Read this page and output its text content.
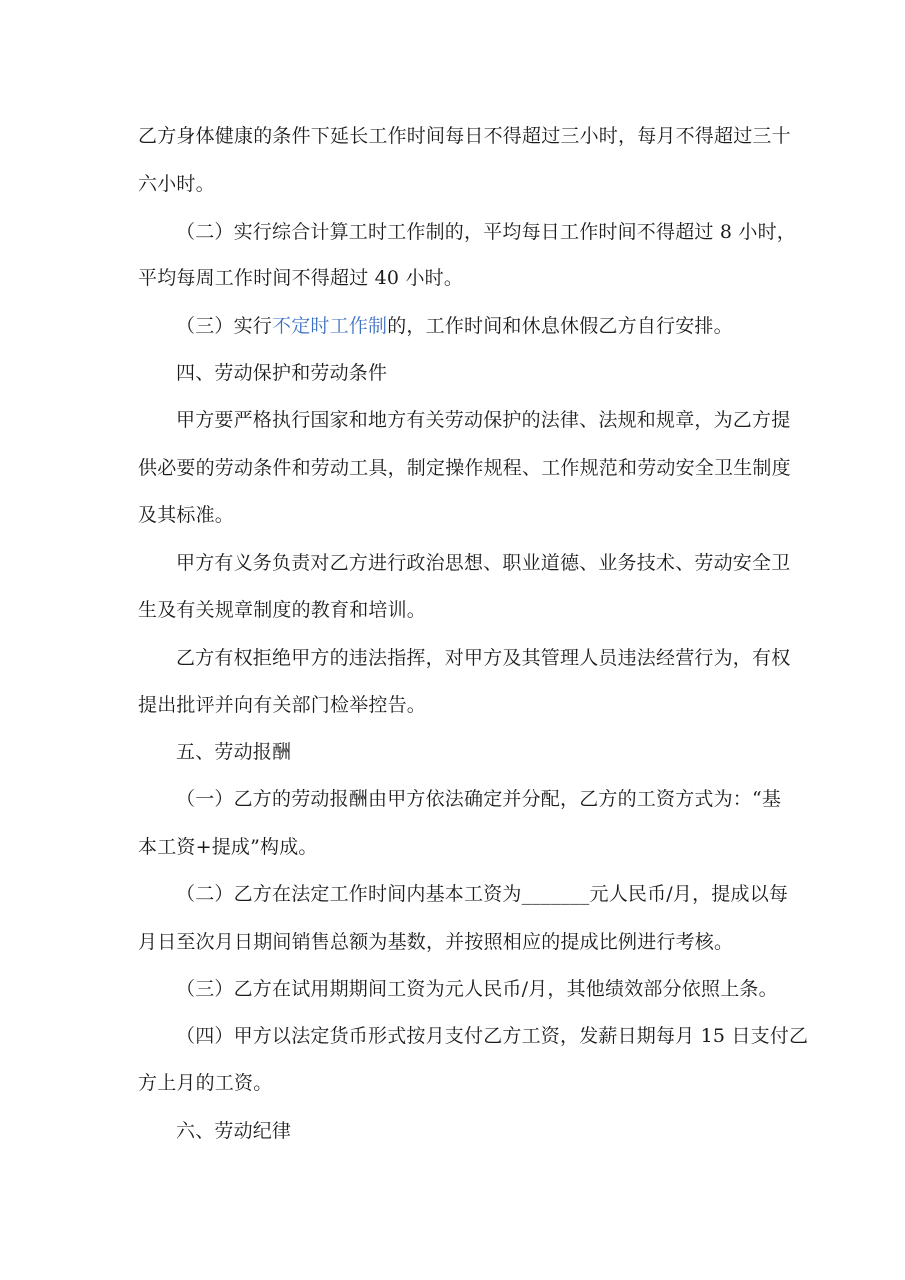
乙方身体健康的条件下延长工作时间每日不得超过三小时，每月不得超过三十
六小时。
（二）实行综合计算工时工作制的，平均每日工作时间不得超过 8 小时，
平均每周工作时间不得超过 40 小时。
（三）实行不定时工作制的，工作时间和休息休假乙方自行安排。
四、劳动保护和劳动条件
甲方要严格执行国家和地方有关劳动保护的法律、法规和规章，为乙方提
供必要的劳动条件和劳动工具，制定操作规程、工作规范和劳动安全卫生制度
及其标准。
甲方有义务负责对乙方进行政治思想、职业道德、业务技术、劳动安全卫
生及有关规章制度的教育和培训。
乙方有权拒绝甲方的违法指挥，对甲方及其管理人员违法经营行为，有权
提出批评并向有关部门检举控告。
五、劳动报酬
（一）乙方的劳动报酬由甲方依法确定并分配，乙方的工资方式为：“基
本工资+提成”构成。
（二）乙方在法定工作时间内基本工资为_______元人民币/月，提成以每
月日至次月日期间销售总额为基数，并按照相应的提成比例进行考核。
（三）乙方在试用期期间工资为元人民币/月，其他绩效部分依照上条。
（四）甲方以法定货币形式按月支付乙方工资，发薪日期每月 15 日支付乙
方上月的工资。
六、劳动纪律
